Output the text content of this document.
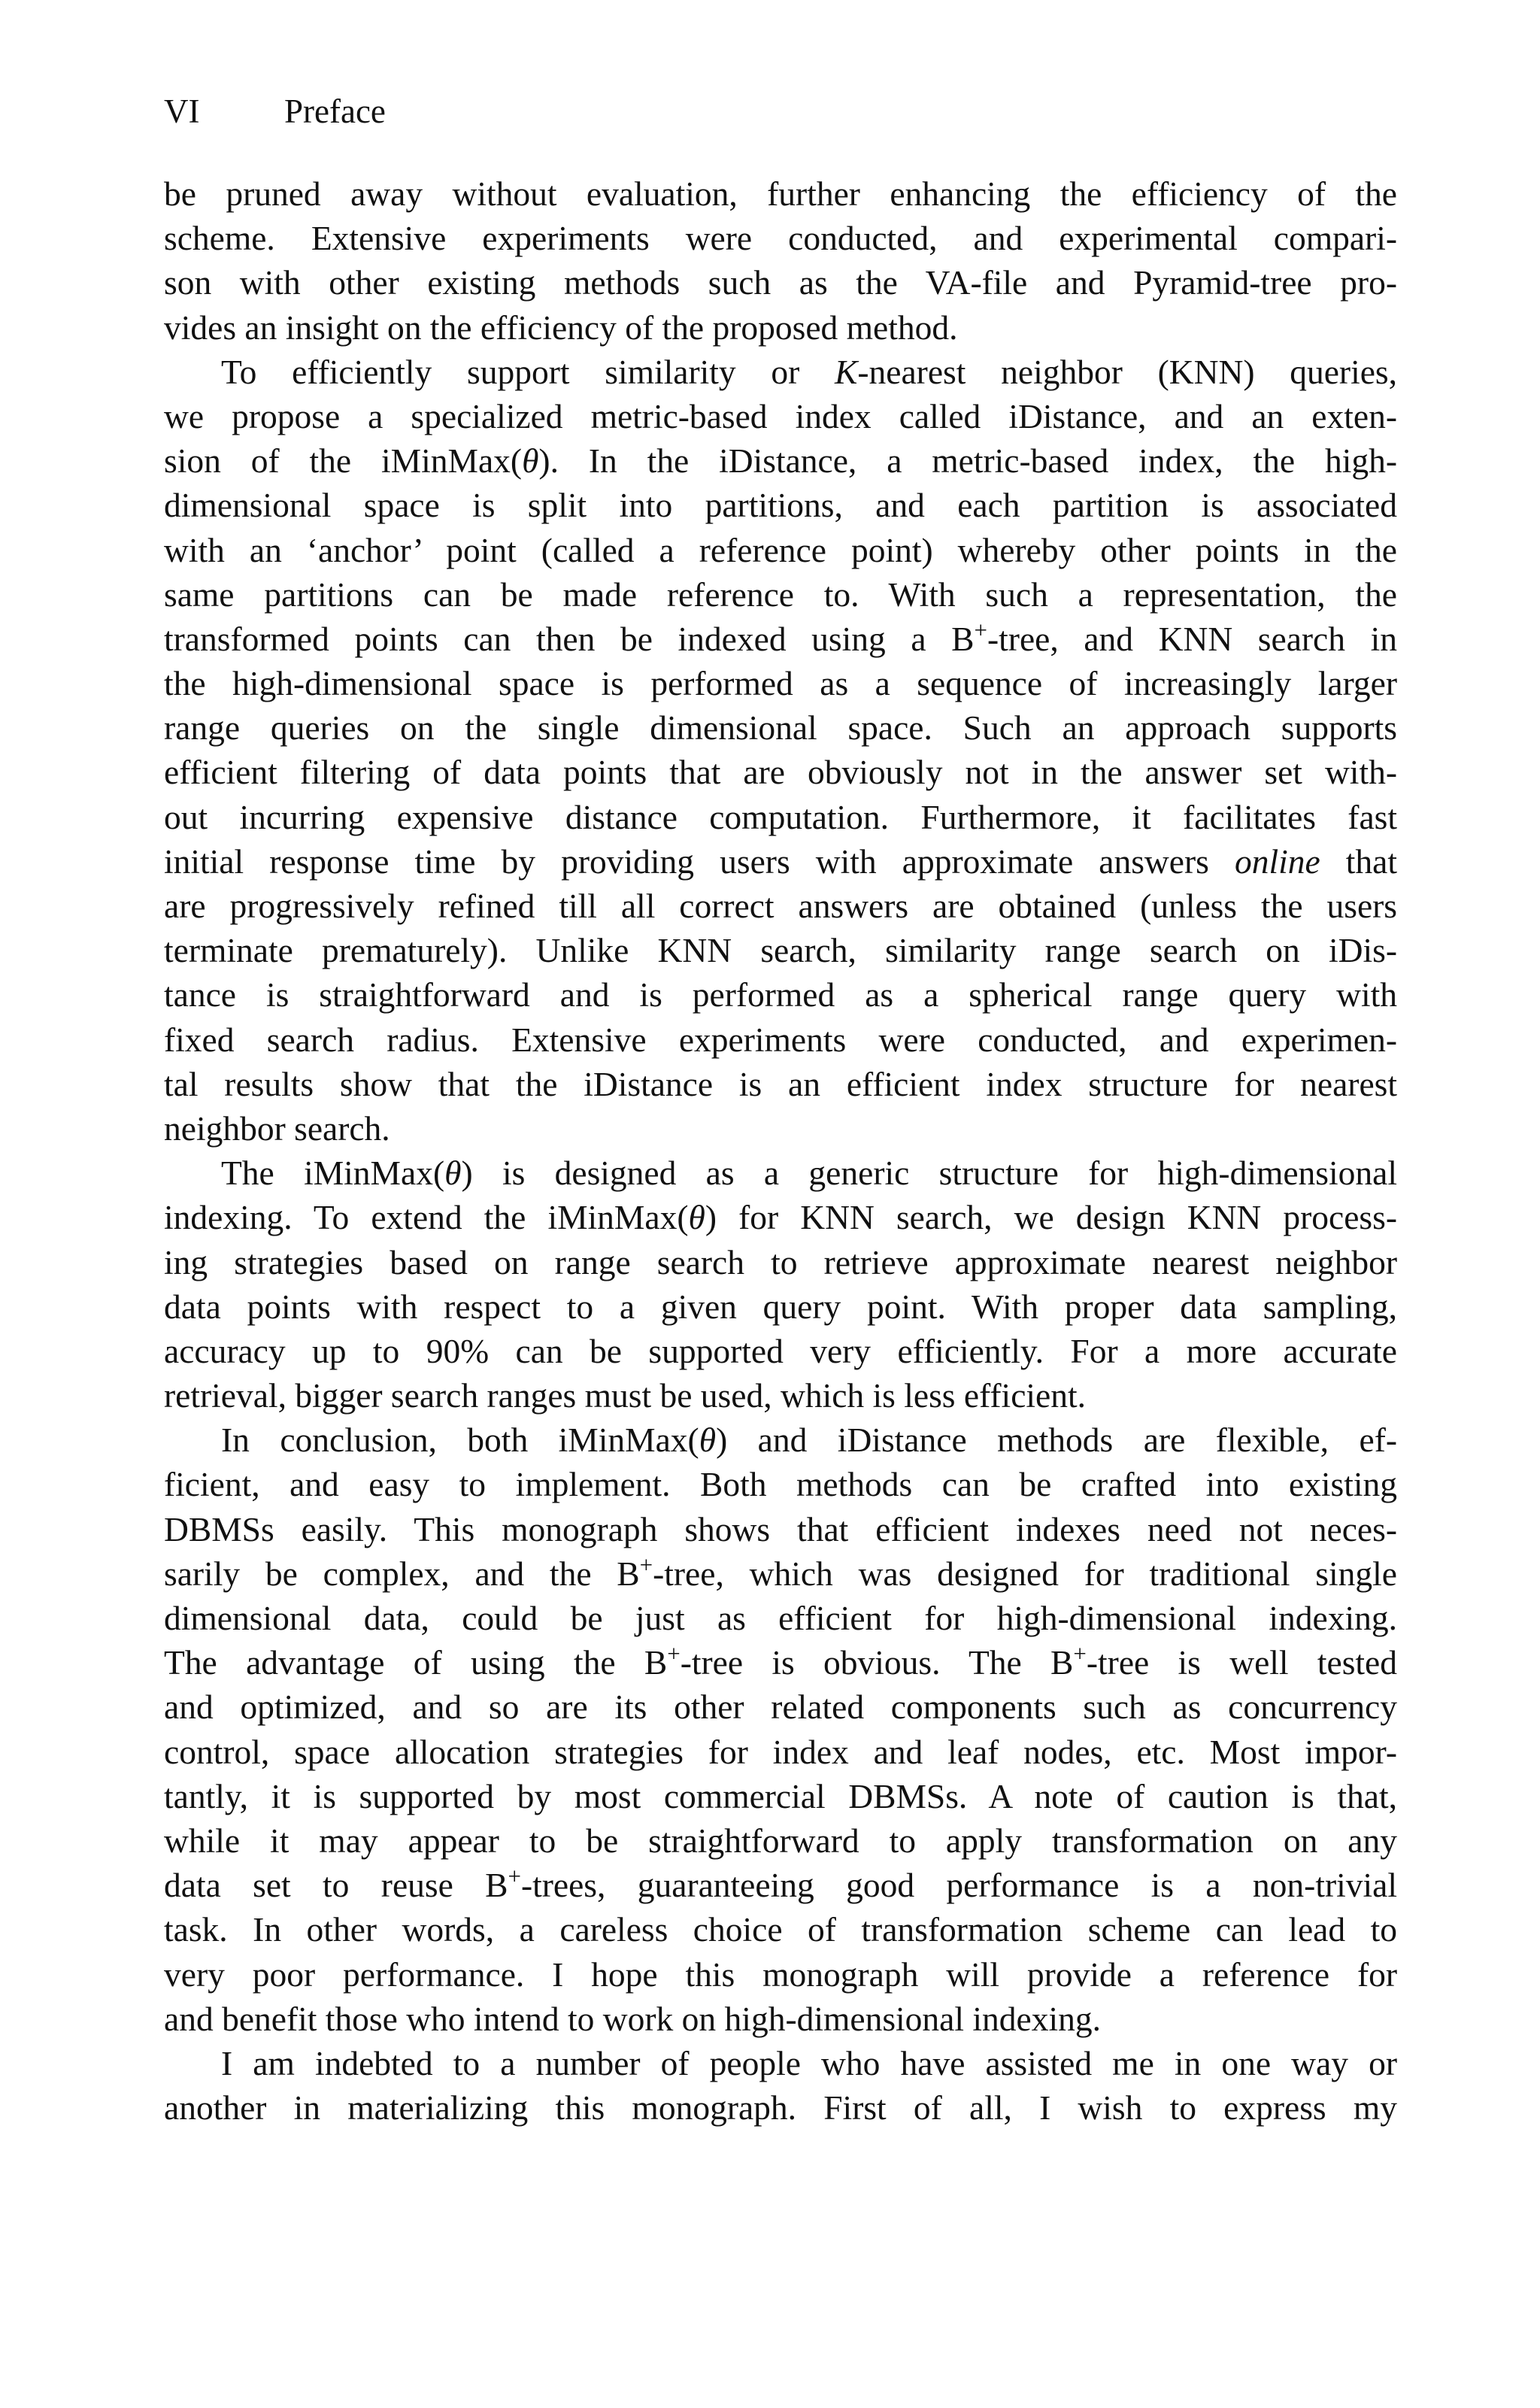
VI	Preface
be pruned away without evaluation, further enhancing the efficiency of the
scheme. Extensive experiments were conducted, and experimental compari-
son with other existing methods such as the VA-file and Pyramid-tree pro-
vides an insight on the efficiency of the proposed method.
To efficiently support similarity or K-nearest neighbor (KNN) queries,
we propose a specialized metric-based index called iDistance, and an exten-
sion of the iMinMax(θ). In the iDistance, a metric-based index, the high-
dimensional space is split into partitions, and each partition is associated
with an ‘anchor’ point (called a reference point) whereby other points in the
same partitions can be made reference to. With such a representation, the
transformed points can then be indexed using a B+-tree, and KNN search in
the high-dimensional space is performed as a sequence of increasingly larger
range queries on the single dimensional space. Such an approach supports
efficient filtering of data points that are obviously not in the answer set with-
out incurring expensive distance computation. Furthermore, it facilitates fast
initial response time by providing users with approximate answers online that
are progressively refined till all correct answers are obtained (unless the users
terminate prematurely). Unlike KNN search, similarity range search on iDis-
tance is straightforward and is performed as a spherical range query with
fixed search radius. Extensive experiments were conducted, and experimen-
tal results show that the iDistance is an efficient index structure for nearest
neighbor search.
The iMinMax(θ) is designed as a generic structure for high-dimensional
indexing. To extend the iMinMax(θ) for KNN search, we design KNN process-
ing strategies based on range search to retrieve approximate nearest neighbor
data points with respect to a given query point. With proper data sampling,
accuracy up to 90% can be supported very efficiently. For a more accurate
retrieval, bigger search ranges must be used, which is less efficient.
In conclusion, both iMinMax(θ) and iDistance methods are flexible, ef-
ficient, and easy to implement. Both methods can be crafted into existing
DBMSs easily. This monograph shows that efficient indexes need not neces-
sarily be complex, and the B+-tree, which was designed for traditional single
dimensional data, could be just as efficient for high-dimensional indexing.
The advantage of using the B+-tree is obvious. The B+-tree is well tested
and optimized, and so are its other related components such as concurrency
control, space allocation strategies for index and leaf nodes, etc. Most impor-
tantly, it is supported by most commercial DBMSs. A note of caution is that,
while it may appear to be straightforward to apply transformation on any
data set to reuse B+-trees, guaranteeing good performance is a non-trivial
task. In other words, a careless choice of transformation scheme can lead to
very poor performance. I hope this monograph will provide a reference for
and benefit those who intend to work on high-dimensional indexing.
I am indebted to a number of people who have assisted me in one way or
another in materializing this monograph. First of all, I wish to express my
